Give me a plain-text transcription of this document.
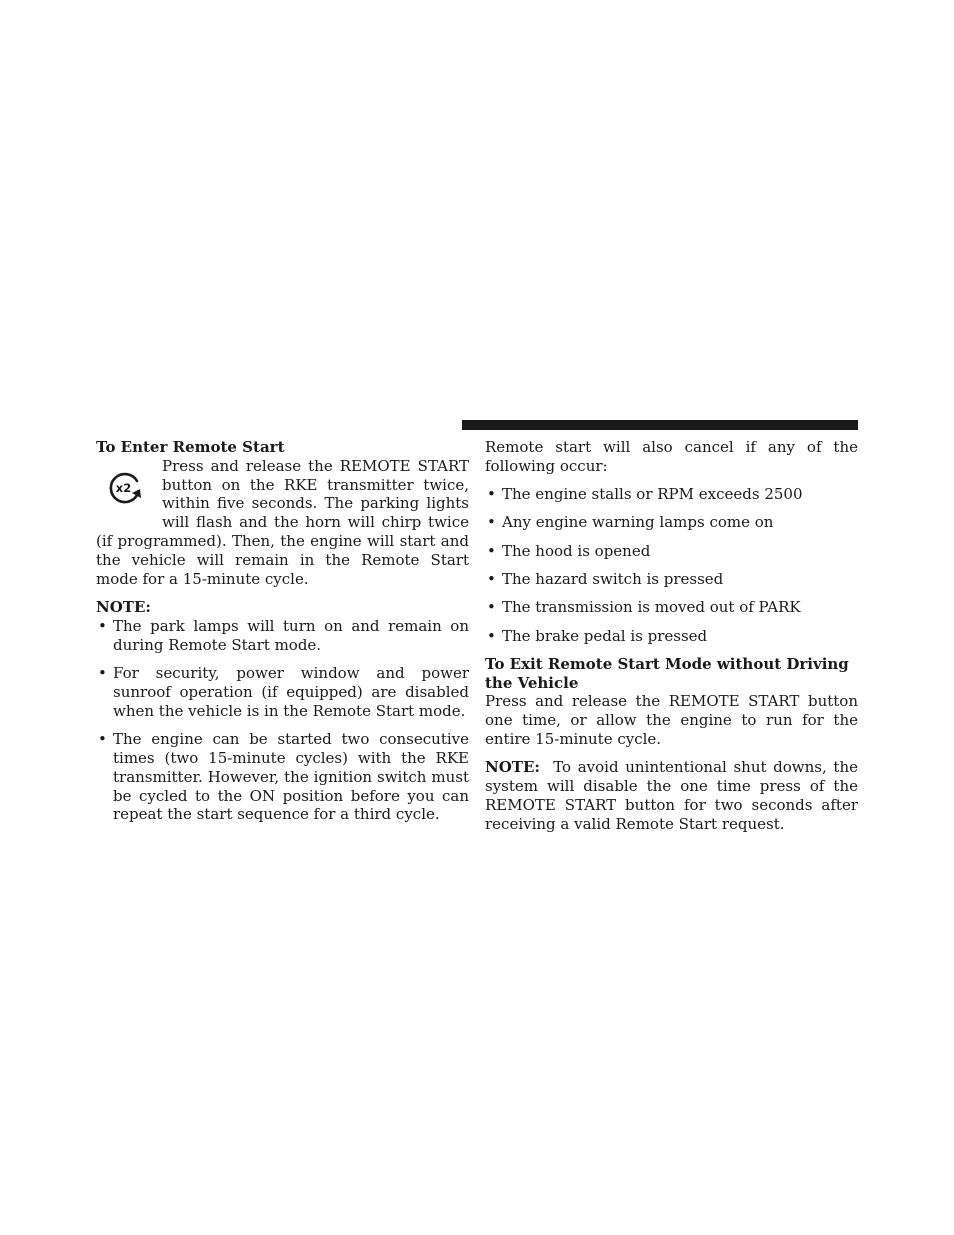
To Enter Remote Start

x2
Press and release the REMOTE START button on the RKE transmitter twice, within five seconds. The parking lights will flash and the horn will chirp twice (if programmed). Then, the engine will start and the vehicle will remain in the Remote Start mode for a 15-minute cycle.

NOTE:

• The park lamps will turn on and remain on during Remote Start mode.
• For security, power window and power sunroof operation (if equipped) are disabled when the vehicle is in the Remote Start mode.
• The engine can be started two consecutive times (two 15-minute cycles) with the RKE transmitter. However, the ignition switch must be cycled to the ON position before you can repeat the start sequence for a third cycle.

Remote start will also cancel if any of the following occur:

• The engine stalls or RPM exceeds 2500
• Any engine warning lamps come on
• The hood is opened
• The hazard switch is pressed
• The transmission is moved out of PARK
• The brake pedal is pressed

To Exit Remote Start Mode without Driving the Vehicle

Press and release the REMOTE START button one time, or allow the engine to run for the entire 15-minute cycle.

NOTE: To avoid unintentional shut downs, the system will disable the one time press of the REMOTE START button for two seconds after receiving a valid Remote Start request.
